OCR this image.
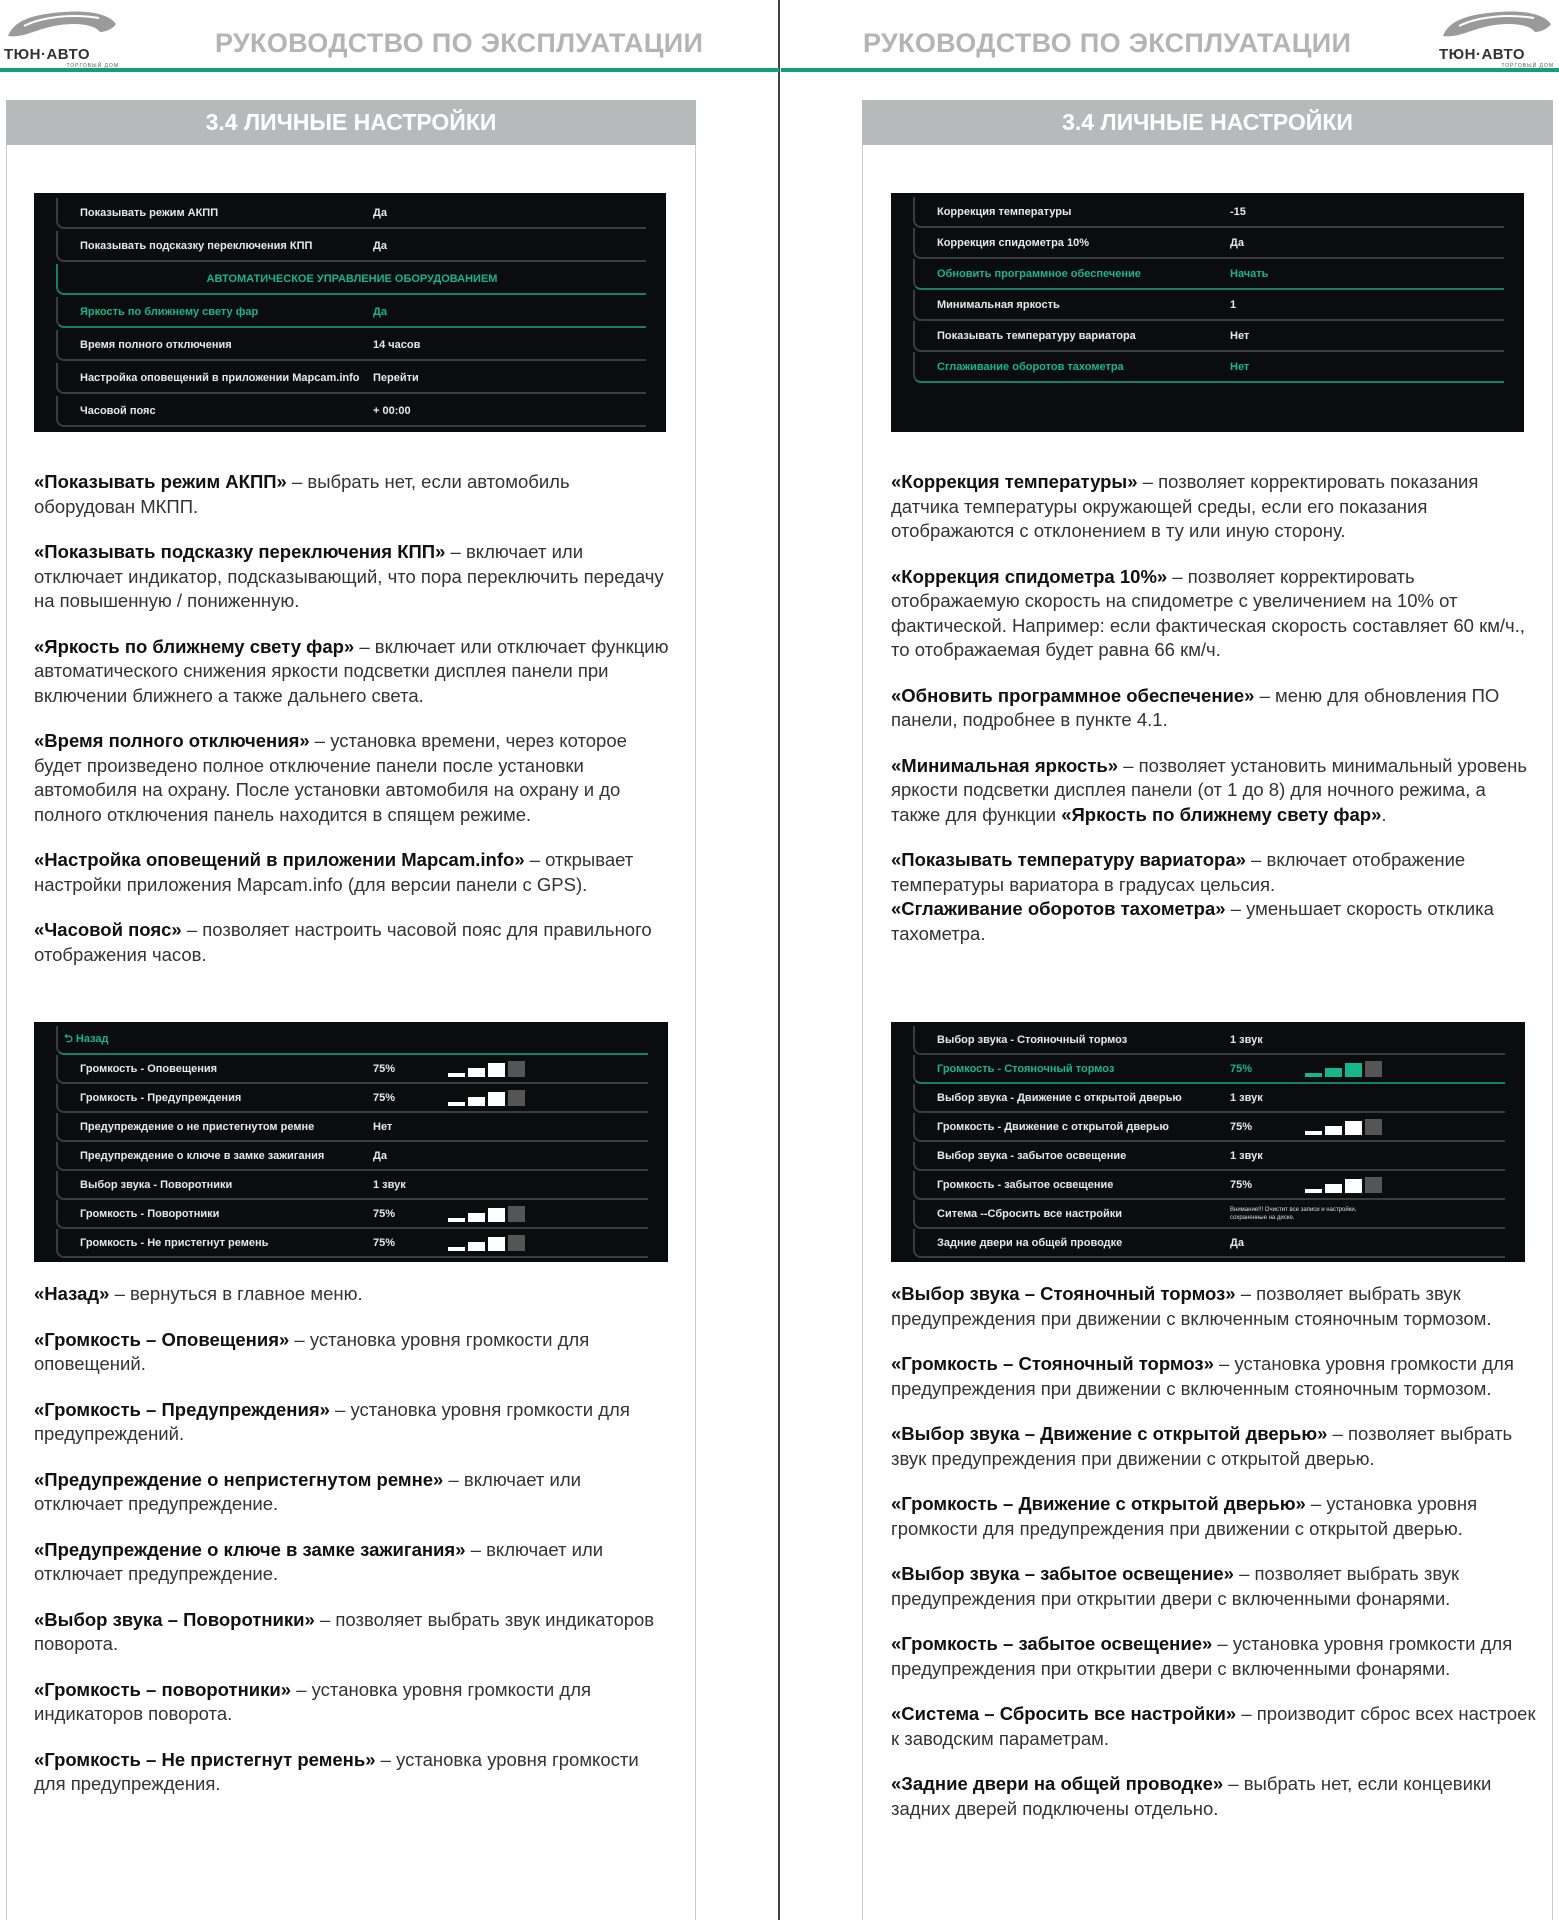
ТЮН·АВТО
ТОРГОВЫЙ ДОМ
РУКОВОДСТВО ПО ЭКСПЛУАТАЦИИ
3.4 ЛИЧНЫЕ НАСТРОЙКИ
Показывать режим АКПП	Да
Показывать подсказку переключения КПП	Да
АВТОМАТИЧЕСКОЕ УПРАВЛЕНИЕ ОБОРУДОВАНИЕМ
Яркость по ближнему свету фар	Да
Время полного отключения	14 часов
Настройка оповещений в приложении Mapcam.info	Перейти
Часовой пояс	+ 00:00

«Показывать режим АКПП» – выбрать нет, если автомобиль оборудован МКПП.

«Показывать подсказку переключения КПП» – включает или отключает индикатор, подсказывающий, что пора переключить передачу на повышенную / пониженную.

«Яркость по ближнему свету фар» – включает или отключает функцию автоматического снижения яркости подсветки дисплея панели при включении ближнего а также дальнего света.

«Время полного отключения» – установка времени, через которое будет произведено полное отключение панели после установки автомобиля на охрану. После установки автомобиля на охрану и до полного отключения панель находится в спящем режиме.

«Настройка оповещений в приложении Mapcam.info» – открывает настройки приложения Mapcam.info (для версии панели с GPS).

«Часовой пояс» – позволяет настроить часовой пояс для правильного отображения часов.

⮌ Назад
Громкость - Оповещения	75%
Громкость - Предупреждения	75%
Предупреждение о не пристегнутом ремне	Нет
Предупреждение о ключе в замке зажигания	Да
Выбор звука - Поворотники	1 звук
Громкость - Поворотники	75%
Громкость - Не пристегнут ремень	75%

«Назад» – вернуться в главное меню.

«Громкость – Оповещения» – установка уровня громкости для оповещений.

«Громкость – Предупреждения» – установка уровня громкости для предупреждений.

«Предупреждение о непристегнутом ремне» – включает или отключает предупреждение.

«Предупреждение о ключе в замке зажигания» – включает или отключает предупреждение.

«Выбор звука – Поворотники» – позволяет выбрать звук индикаторов поворота.

«Громкость – поворотники» – установка уровня громкости для индикаторов поворота.

«Громкость – Не пристегнут ремень» – установка уровня громкости для предупреждения.

РУКОВОДСТВО ПО ЭКСПЛУАТАЦИИ	ТЮН·АВТО
ТОРГОВЫЙ ДОМ
3.4 ЛИЧНЫЕ НАСТРОЙКИ
Коррекция температуры	-15
Коррекция спидометра 10%	Да
Обновить программное обеспечение	Начать
Минимальная яркость	1
Показывать температуру вариатора	Нет
Сглаживание оборотов тахометра	Нет

«Коррекция температуры» – позволяет корректировать показания датчика температуры окружающей среды, если его показания отображаются с отклонением в ту или иную сторону.

«Коррекция спидометра 10%» – позволяет корректировать отображаемую скорость на спидометре с увеличением на 10% от фактической. Например: если фактическая скорость составляет 60 км/ч., то отображаемая будет равна 66 км/ч.

«Обновить программное обеспечение» – меню для обновления ПО панели, подробнее в пункте 4.1.

«Минимальная яркость» – позволяет установить минимальный уровень яркости подсветки дисплея панели (от 1 до 8) для ночного режима, а также для функции «Яркость по ближнему свету фар».

«Показывать температуру вариатора» – включает отображение температуры вариатора в градусах цельсия.

«Сглаживание оборотов тахометра» – уменьшает скорость отклика тахометра.

Выбор звука - Стояночный тормоз	1 звук
Громкость - Стояночный тормоз	75%
Выбор звука - Движение с открытой дверью	1 звук
Громкость - Движение с открытой дверью	75%
Выбор звука - забытое освещение	1 звук
Громкость - забытое освещение	75%
Ситема --Сбросить все настройки	Внимание!!! Очистит все записи и настройки, сохраненные на диске.
Задние двери на общей проводке	Да

«Выбор звука – Стояночный тормоз» – позволяет выбрать звук предупреждения при движении с включенным стояночным тормозом.

«Громкость – Стояночный тормоз» – установка уровня громкости для предупреждения при движении с включенным стояночным тормозом.

«Выбор звука – Движение с открытой дверью» – позволяет выбрать звук предупреждения при движении с открытой дверью.

«Громкость – Движение с открытой дверью» – установка уровня громкости для предупреждения при движении с открытой дверью.

«Выбор звука – забытое освещение» – позволяет выбрать звук предупреждения при открытии двери с включенными фонарями.

«Громкость – забытое освещение» – установка уровня громкости для предупреждения при открытии двери с включенными фонарями.

«Система – Сбросить все настройки» – производит сброс всех настроек к заводским параметрам.

«Задние двери на общей проводке» – выбрать нет, если концевики задних дверей подключены отдельно.
